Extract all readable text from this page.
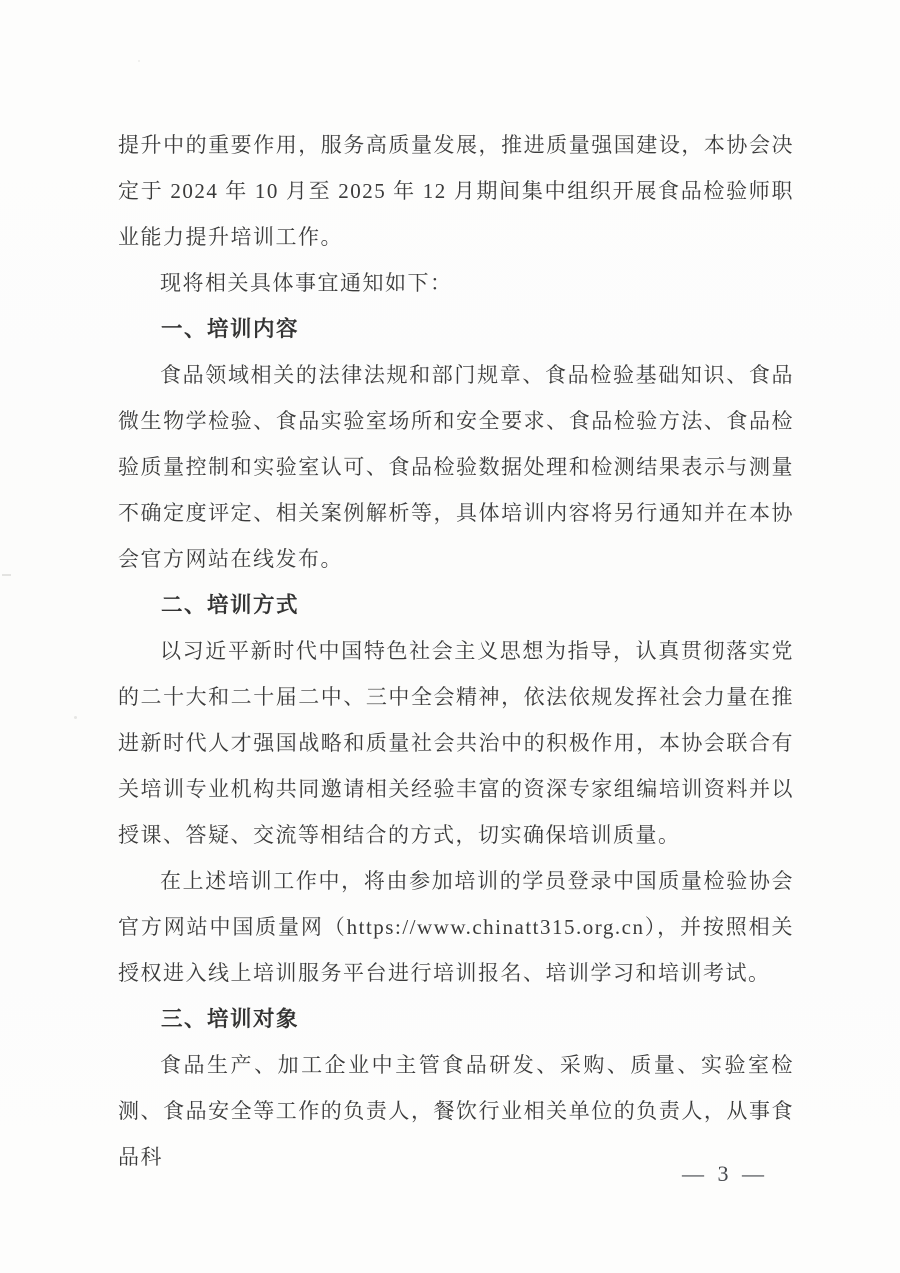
提升中的重要作用，服务高质量发展，推进质量强国建设，本协会决定于 2024 年 10 月至 2025 年 12 月期间集中组织开展食品检验师职业能力提升培训工作。

现将相关具体事宜通知如下：

一、培训内容

食品领域相关的法律法规和部门规章、食品检验基础知识、食品微生物学检验、食品实验室场所和安全要求、食品检验方法、食品检验质量控制和实验室认可、食品检验数据处理和检测结果表示与测量不确定度评定、相关案例解析等，具体培训内容将另行通知并在本协会官方网站在线发布。

二、培训方式

以习近平新时代中国特色社会主义思想为指导，认真贯彻落实党的二十大和二十届二中、三中全会精神，依法依规发挥社会力量在推进新时代人才强国战略和质量社会共治中的积极作用，本协会联合有关培训专业机构共同邀请相关经验丰富的资深专家组编培训资料并以授课、答疑、交流等相结合的方式，切实确保培训质量。

在上述培训工作中，将由参加培训的学员登录中国质量检验协会官方网站中国质量网（https://www.chinatt315.org.cn），并按照相关授权进入线上培训服务平台进行培训报名、培训学习和培训考试。

三、培训对象

食品生产、加工企业中主管食品研发、采购、质量、实验室检测、食品安全等工作的负责人，餐饮行业相关单位的负责人，从事食品科

— 3 —
